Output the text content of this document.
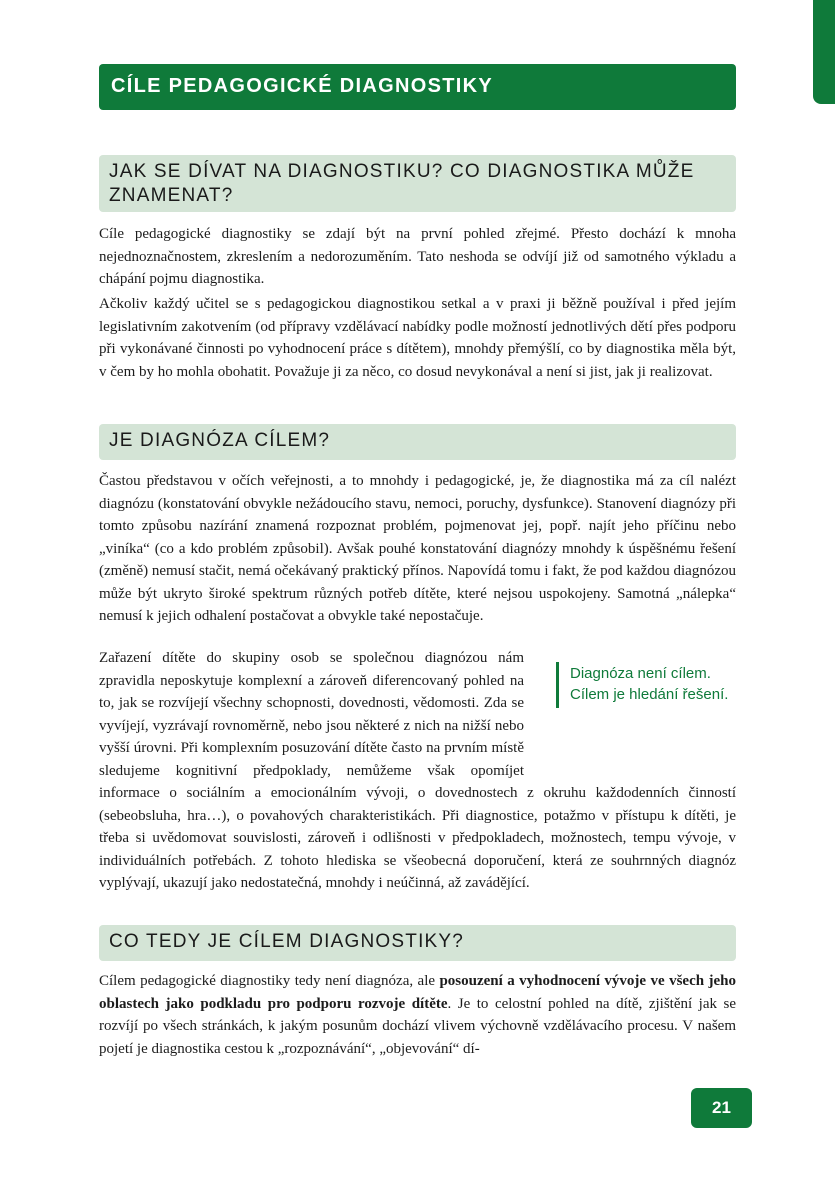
CÍLE PEDAGOGICKÉ DIAGNOSTIKY
JAK SE DÍVAT NA DIAGNOSTIKU? CO DIAGNOSTIKA MŮŽE ZNAMENAT?

Cíle pedagogické diagnostiky se zdají být na první pohled zřejmé. Přesto dochází k mnoha nejednoznačnostem, zkreslením a nedorozuměním. Tato neshoda se odvíjí již od samotného výkladu a chápání pojmu diagnostika.

Ačkoliv každý učitel se s pedagogickou diagnostikou setkal a v praxi ji běžně používal i před jejím legislativním zakotvením (od přípravy vzdělávací nabídky podle možností jednotlivých dětí přes podporu při vykonávané činnosti po vyhodnocení práce s dítětem), mnohdy přemýšlí, co by diagnostika měla být, v čem by ho mohla obohatit. Považuje ji za něco, co dosud nevykonával a není si jist, jak ji realizovat.

JE DIAGNÓZA CÍLEM?

Častou představou v očích veřejnosti, a to mnohdy i pedagogické, je, že diagnostika má za cíl nalézt diagnózu (konstatování obvykle nežádoucího stavu, nemoci, poruchy, dysfunkce). Stanovení diagnózy při tomto způsobu nazírání znamená rozpoznat problém, pojmenovat jej, popř. najít jeho příčinu nebo „viníka“ (co a kdo problém způsobil). Avšak pouhé konstatování diagnózy mnohdy k úspěšnému řešení (změně) nemusí stačit, nemá očekávaný praktický přínos. Napovídá tomu i fakt, že pod každou diagnózou může být ukryto široké spektrum různých potřeb dítěte, které nejsou uspokojeny. Samotná „nálepka“ nemusí k jejich odhalení postačovat a obvykle také nepostačuje.

Zařazení dítěte do skupiny osob se společnou diagnózou nám zpravidla neposkytuje komplexní a zároveň diferencovaný pohled na to, jak se rozvíjejí všechny schopnosti, dovednosti, vědomosti. Zda se vyvíjejí, vyzrávají rovnoměrně, nebo jsou některé z nich na nižší nebo vyšší úrovni. Při komplexním posuzování dítěte často na prvním místě sledujeme kognitivní předpoklady, nemůžeme však opomíjet informace o sociálním a emocionálním vývoji, o dovednostech z okruhu každodenních činností (sebeobsluha, hra…), o povahových charakteristikách. Při diagnostice, potažmo v přístupu k dítěti, je třeba si uvědomovat souvislosti, zároveň i odlišnosti v předpokladech, možnostech, tempu vývoje, v individuálních potřebách. Z tohoto hlediska se všeobecná doporučení, která ze souhrnných diagnóz vyplývají, ukazují jako nedostatečná, mnohdy i neúčinná, až zavádějící.
Diagnóza není cílem. Cílem je hledání řešení.
CO TEDY JE CÍLEM DIAGNOSTIKY?

Cílem pedagogické diagnostiky tedy není diagnóza, ale posouzení a vyhodnocení vývoje ve všech jeho oblastech jako podkladu pro podporu rozvoje dítěte. Je to celostní pohled na dítě, zjištění jak se rozvíjí po všech stránkách, k jakým posunům dochází vlivem výchovně vzdělávacího procesu. V našem pojetí je diagnostika cestou k „rozpoznávání“, „objevování“ dí-

21
